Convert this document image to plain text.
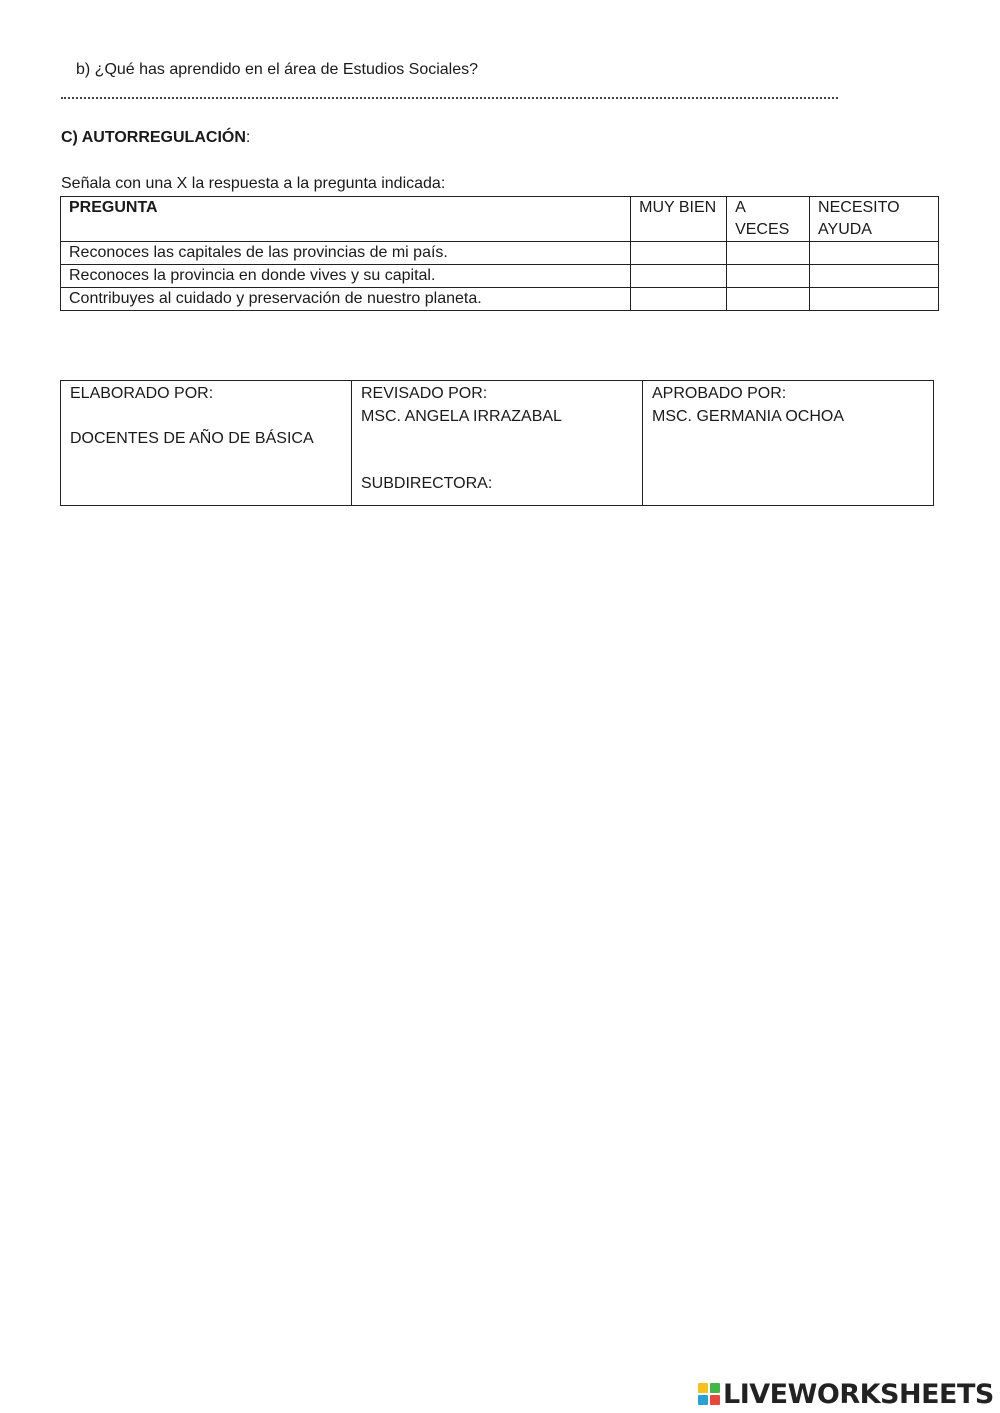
b) ¿Qué has aprendido en el área de Estudios Sociales?
C) AUTORREGULACIÓN:
Señala con una X la respuesta a la pregunta indicada:
PREGUNTA	MUY BIEN	A VECES	NECESITO AYUDA
Reconoces las capitales de las provincias de mi país.			
Reconoces la provincia en donde vives y su capital.			
Contribuyes al cuidado y preservación de nuestro planeta.			
ELABORADO POR:
DOCENTES DE AÑO DE BÁSICA

REVISADO POR:
MSC. ANGELA IRRAZABAL
SUBDIRECTORA:

APROBADO POR:
MSC. GERMANIA OCHOA
LIVEWORKSHEETS
